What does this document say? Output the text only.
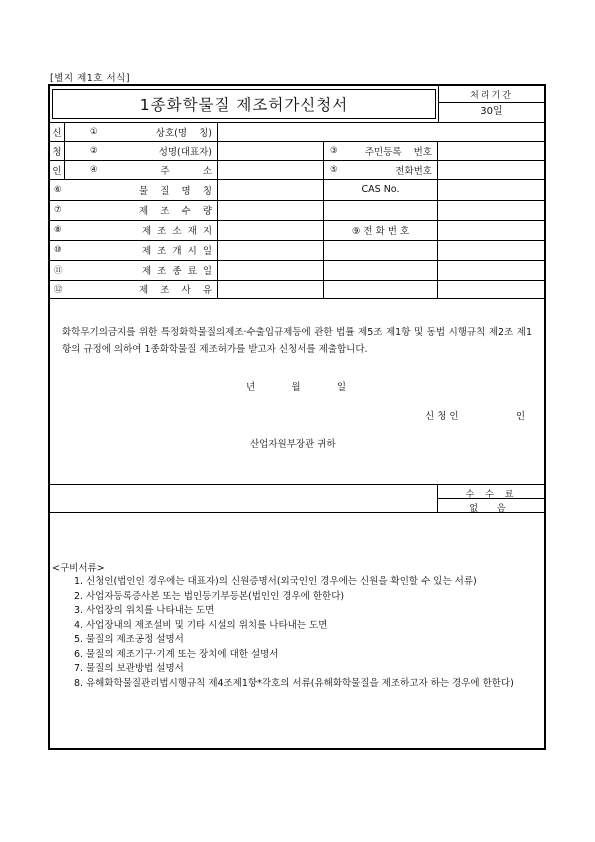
[별지 제1호 서식]
1종화학물질 제조허가신청서	처리기간
30일
신
청
인
①	상호(명    칭)
②	성명(대표자)	③	주민등록    번호
④	주           소	⑤	전화번호
⑥	물    질    명    칭	CAS No.
⑦	제    조    수    량
⑧	제  조  소  재  지	⑨ 전 화 번 호
⑩	제  조  개  시  일
⑪	제  조  종  료  일
⑫	제    조    사    유
화학무기의금지를 위한 특정화학물질의제조·수출입규제등에 관한 법률 제5조 제1항 및 동법 시행규칙 제2조 제1항의 규정에 의하여 1종화학물질 제조허가를 받고자 신청서를 제출합니다.
년	월	일
신 청 인	인
산업자원부장관 귀하
수 수 료
없 음
<구비서류>
1. 신청인(법인인 경우에는 대표자)의 신원증명서(외국인인 경우에는 신원을 확인할 수 있는 서류)
2. 사업자등록증사본 또는 법인등기부등본(법인인 경우에 한한다)
3. 사업장의 위치를 나타내는 도면
4. 사업장내의 제조설비 및 기타 시설의 위치를 나타내는 도면
5. 물질의 제조공정 설명서
6. 물질의 제조기구·기계 또는 장치에 대한 설명서
7. 물질의 보관방법 설명서
8. 유해화학물질관리법시행규칙 제4조제1항*각호의 서류(유해화학물질을 제조하고자 하는 경우에 한한다)
